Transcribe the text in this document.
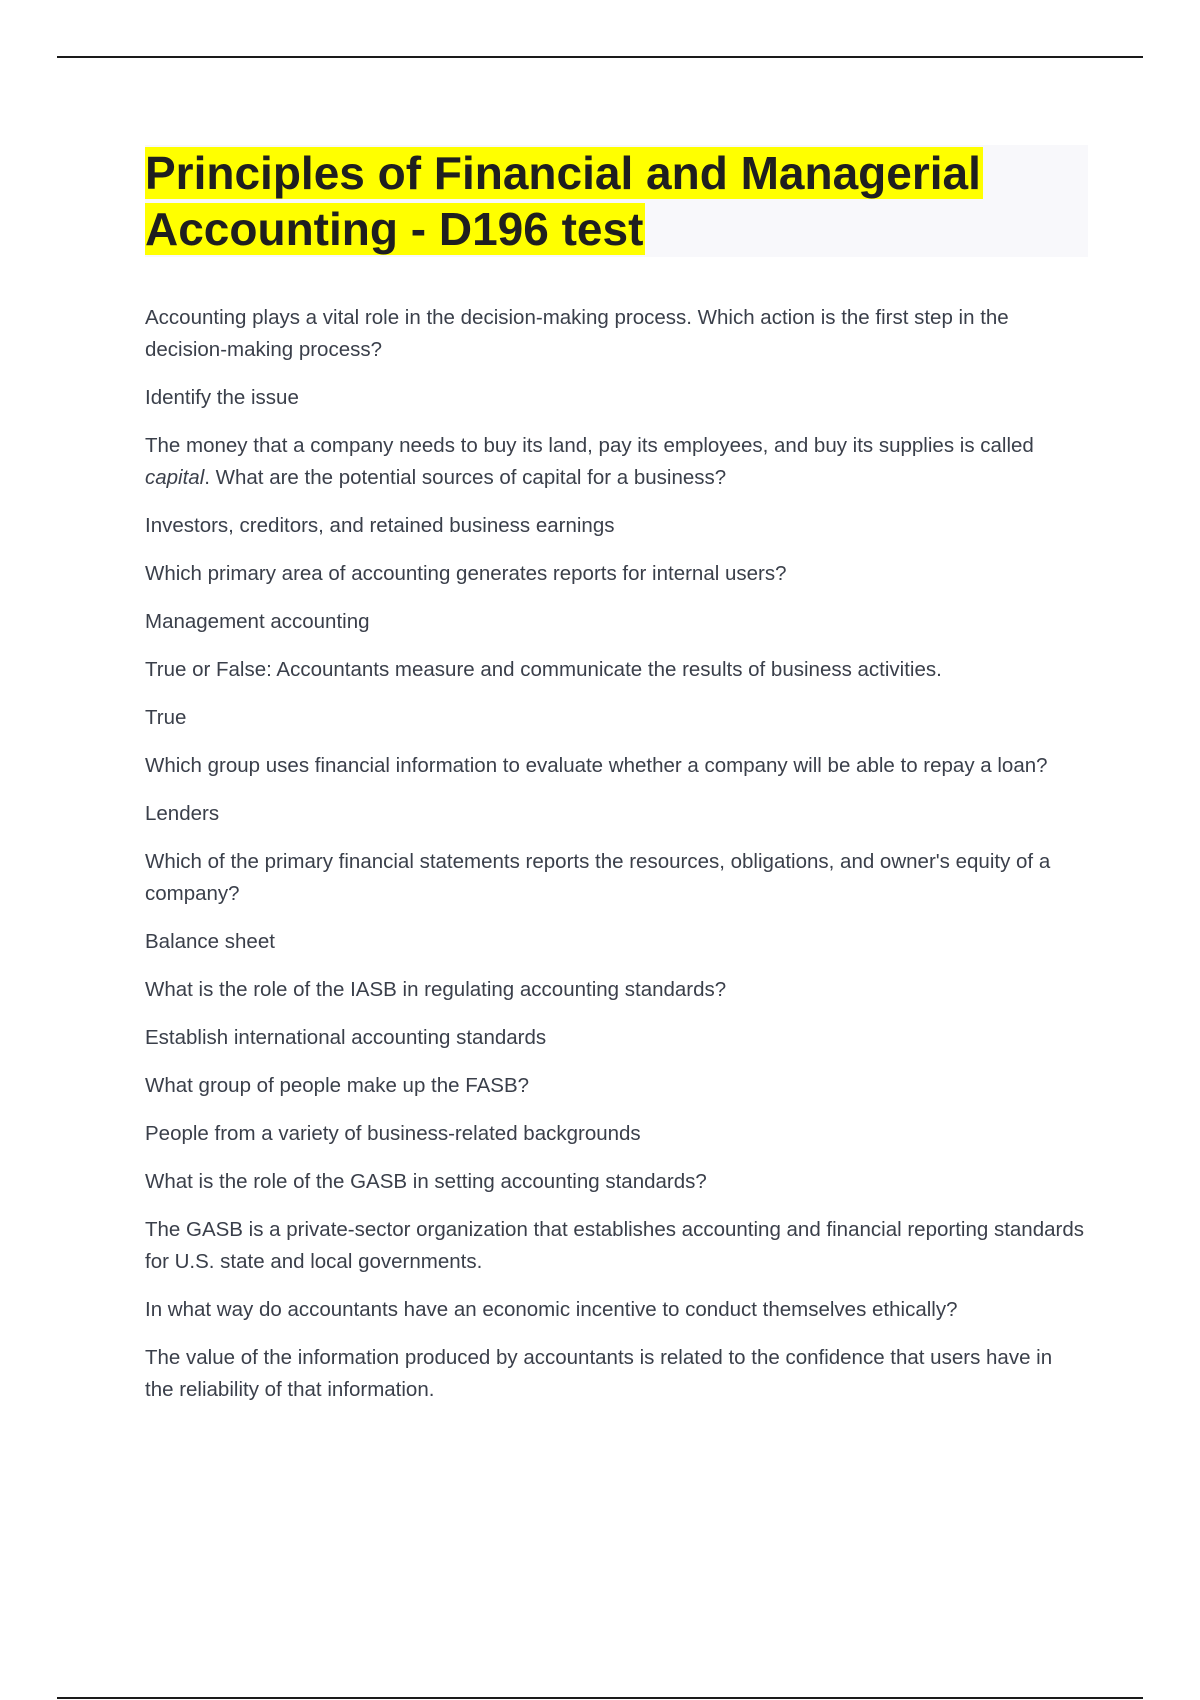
Principles of Financial and Managerial
Accounting - D196 test

Accounting plays a vital role in the decision-making process. Which action is the first step in the decision-making process?

Identify the issue

The money that a company needs to buy its land, pay its employees, and buy its supplies is called capital. What are the potential sources of capital for a business?

Investors, creditors, and retained business earnings

Which primary area of accounting generates reports for internal users?

Management accounting

True or False: Accountants measure and communicate the results of business activities.

True

Which group uses financial information to evaluate whether a company will be able to repay a loan?

Lenders

Which of the primary financial statements reports the resources, obligations, and owner's equity of a company?

Balance sheet

What is the role of the IASB in regulating accounting standards?

Establish international accounting standards

What group of people make up the FASB?

People from a variety of business-related backgrounds

What is the role of the GASB in setting accounting standards?

The GASB is a private-sector organization that establishes accounting and financial reporting standards for U.S. state and local governments.

In what way do accountants have an economic incentive to conduct themselves ethically?

The value of the information produced by accountants is related to the confidence that users have in the reliability of that information.
